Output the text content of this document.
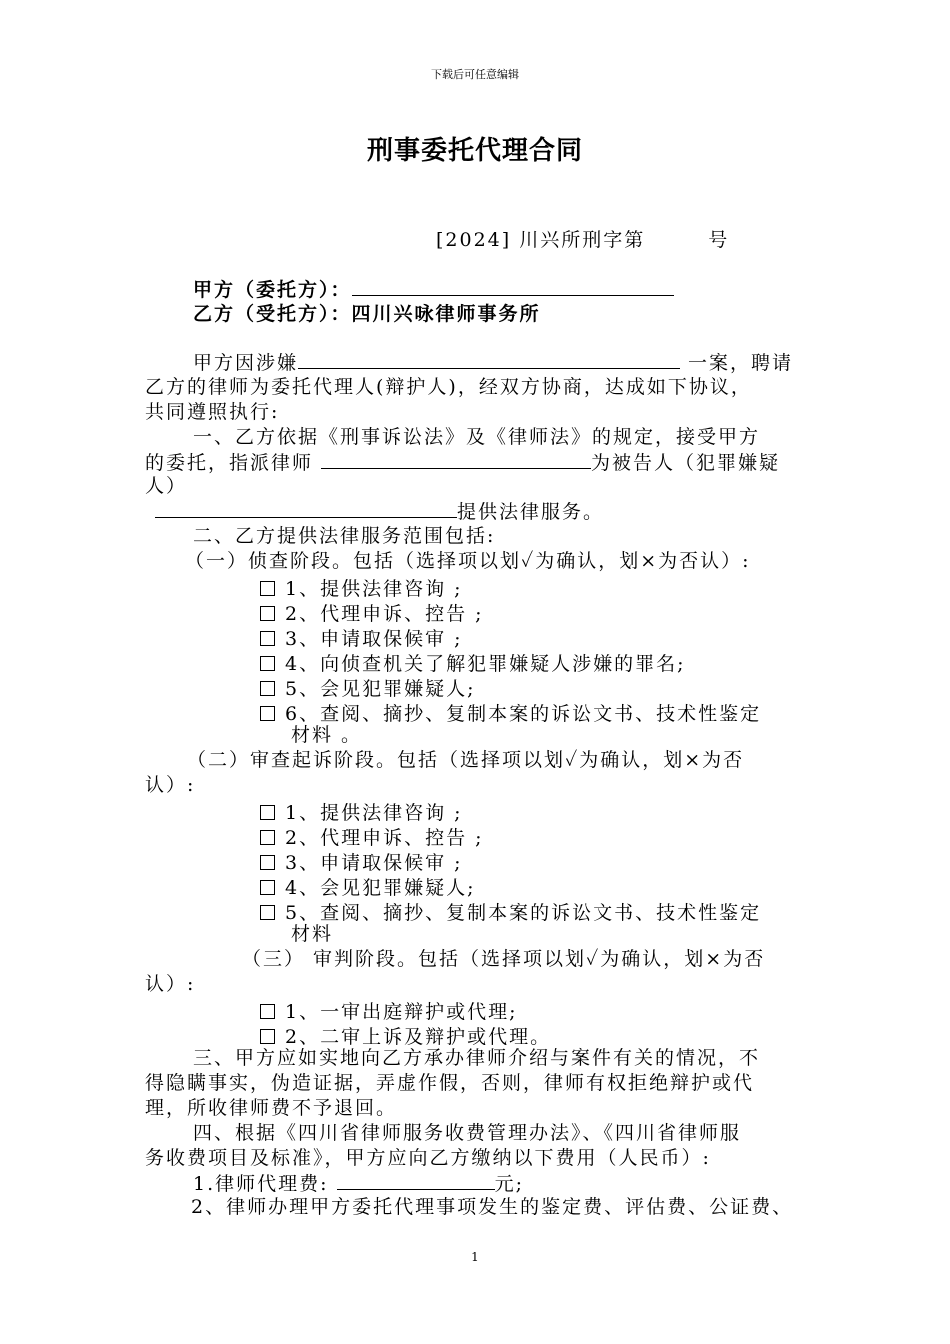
下载后可任意编辑
刑事委托代理合同
[2024] 川兴所刑字第　　　号
甲方（委托方）：
乙方（受托方）：四川兴咏律师事务所
甲方因涉嫌	一案，聘请
乙方的律师为委托代理人(辩护人)，经双方协商，达成如下协议，
共同遵照执行:
一、乙方依据《刑事诉讼法》及《律师法》的规定，接受甲方
的委托，指派律师	为被告人（犯罪嫌疑
人）
提供法律服务。
二、乙方提供法律服务范围包括:
（一）侦查阶段。包括（选择项以划✓为确认，划×为否认）:
1、提供法律咨询 ;
2、代理申诉、控告 ;
3、申请取保候审 ;
4、向侦查机关了解犯罪嫌疑人涉嫌的罪名;
5、会见犯罪嫌疑人;
6、查阅、摘抄、复制本案的诉讼文书、技术性鉴定
材料 。
（二）审查起诉阶段。包括（选择项以划✓为确认，划×为否
认）:
1、提供法律咨询 ;
2、代理申诉、控告 ;
3、申请取保候审 ;
4、会见犯罪嫌疑人;
5、查阅、摘抄、复制本案的诉讼文书、技术性鉴定
材料
（三） 审判阶段。包括（选择项以划✓为确认，划×为否
认）:
1、一审出庭辩护或代理;
2、二审上诉及辩护或代理。
三、甲方应如实地向乙方承办律师介绍与案件有关的情况，不
得隐瞒事实，伪造证据，弄虚作假，否则，律师有权拒绝辩护或代
理，所收律师费不予退回。
四、根据《四川省律师服务收费管理办法》、《四川省律师服
务收费项目及标准》，甲方应向乙方缴纳以下费用（人民币）:
1.律师代理费:	元;
2、律师办理甲方委托代理事项发生的鉴定费、评估费、公证费、
1
